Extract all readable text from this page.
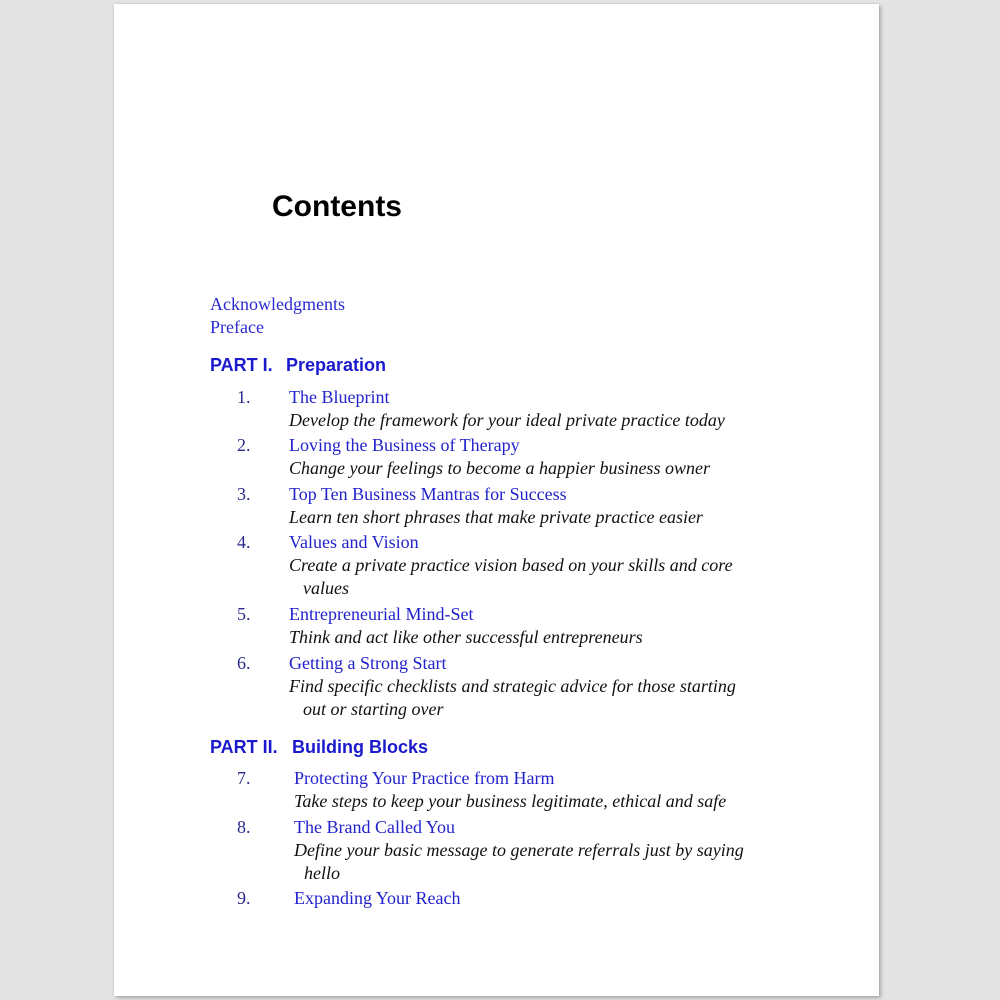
Contents
Acknowledgments
Preface
PART I. Preparation
1. The Blueprint
Develop the framework for your ideal private practice today
2. Loving the Business of Therapy
Change your feelings to become a happier business owner
3. Top Ten Business Mantras for Success
Learn ten short phrases that make private practice easier
4. Values and Vision
Create a private practice vision based on your skills and core
values
5. Entrepreneurial Mind-Set
Think and act like other successful entrepreneurs
6. Getting a Strong Start
Find specific checklists and strategic advice for those starting
out or starting over
PART II. Building Blocks
7. Protecting Your Practice from Harm
Take steps to keep your business legitimate, ethical and safe
8. The Brand Called You
Define your basic message to generate referrals just by saying
hello
9. Expanding Your Reach
